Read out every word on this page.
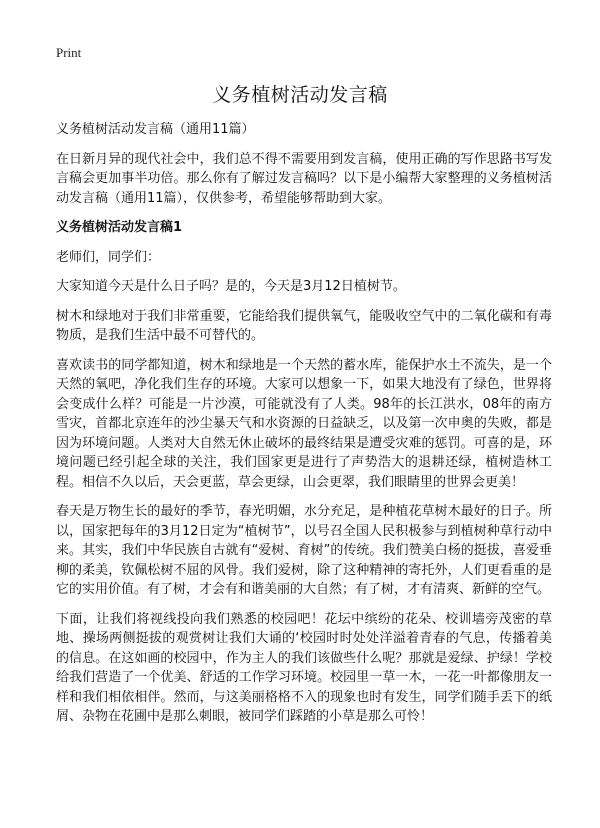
Print
义务植树活动发言稿

义务植树活动发言稿（通用11篇）

在日新月异的现代社会中，我们总不得不需要用到发言稿，使用正确的写作思路书写发言稿会更加事半功倍。那么你有了解过发言稿吗？以下是小编帮大家整理的义务植树活动发言稿（通用11篇），仅供参考，希望能够帮助到大家。

义务植树活动发言稿1

老师们，同学们：

大家知道今天是什么日子吗？是的，今天是3月12日植树节。

树木和绿地对于我们非常重要，它能给我们提供氧气，能吸收空气中的二氧化碳和有毒物质，是我们生活中最不可替代的。

喜欢读书的同学都知道，树木和绿地是一个天然的蓄水库，能保护水土不流失，是一个天然的氧吧，净化我们生存的环境。大家可以想象一下，如果大地没有了绿色，世界将会变成什么样？可能是一片沙漠，可能就没有了人类。98年的长江洪水，08年的南方雪灾，首都北京连年的沙尘暴天气和水资源的日益缺乏，以及第一次申奥的失败，都是因为环境问题。人类对大自然无休止破坏的最终结果是遭受灾难的惩罚。可喜的是，环境问题已经引起全球的关注，我们国家更是进行了声势浩大的退耕还绿，植树造林工程。相信不久以后，天会更蓝，草会更绿，山会更翠，我们眼睛里的世界会更美！

春天是万物生长的最好的季节，春光明媚，水分充足，是种植花草树木最好的日子。所以，国家把每年的3月12日定为“植树节”，以号召全国人民积极参与到植树种草行动中来。其实，我们中华民族自古就有“爱树、育树”的传统。我们赞美白杨的挺拔，喜爱垂柳的柔美，钦佩松树不屈的风骨。我们爱树，除了这种精神的寄托外，人们更看重的是它的实用价值。有了树，才会有和谐美丽的大自然；有了树，才有清爽、新鲜的空气。

下面，让我们将视线投向我们熟悉的校园吧！花坛中缤纷的花朵、校训墙旁茂密的草地、操场两侧挺拔的观赏树让我们大诵的‘校园时时处处洋溢着青春的气息，传播着美的信息。在这如画的校园中，作为主人的我们该做些什么呢？那就是爱绿、护绿！学校给我们营造了一个优美、舒适的工作学习环境。校园里一草一木，一花一叶都像朋友一样和我们相依相伴。然而，与这美丽格格不入的现象也时有发生，同学们随手丢下的纸屑、杂物在花圃中是那么刺眼，被同学们踩踏的小草是那么可怜！
